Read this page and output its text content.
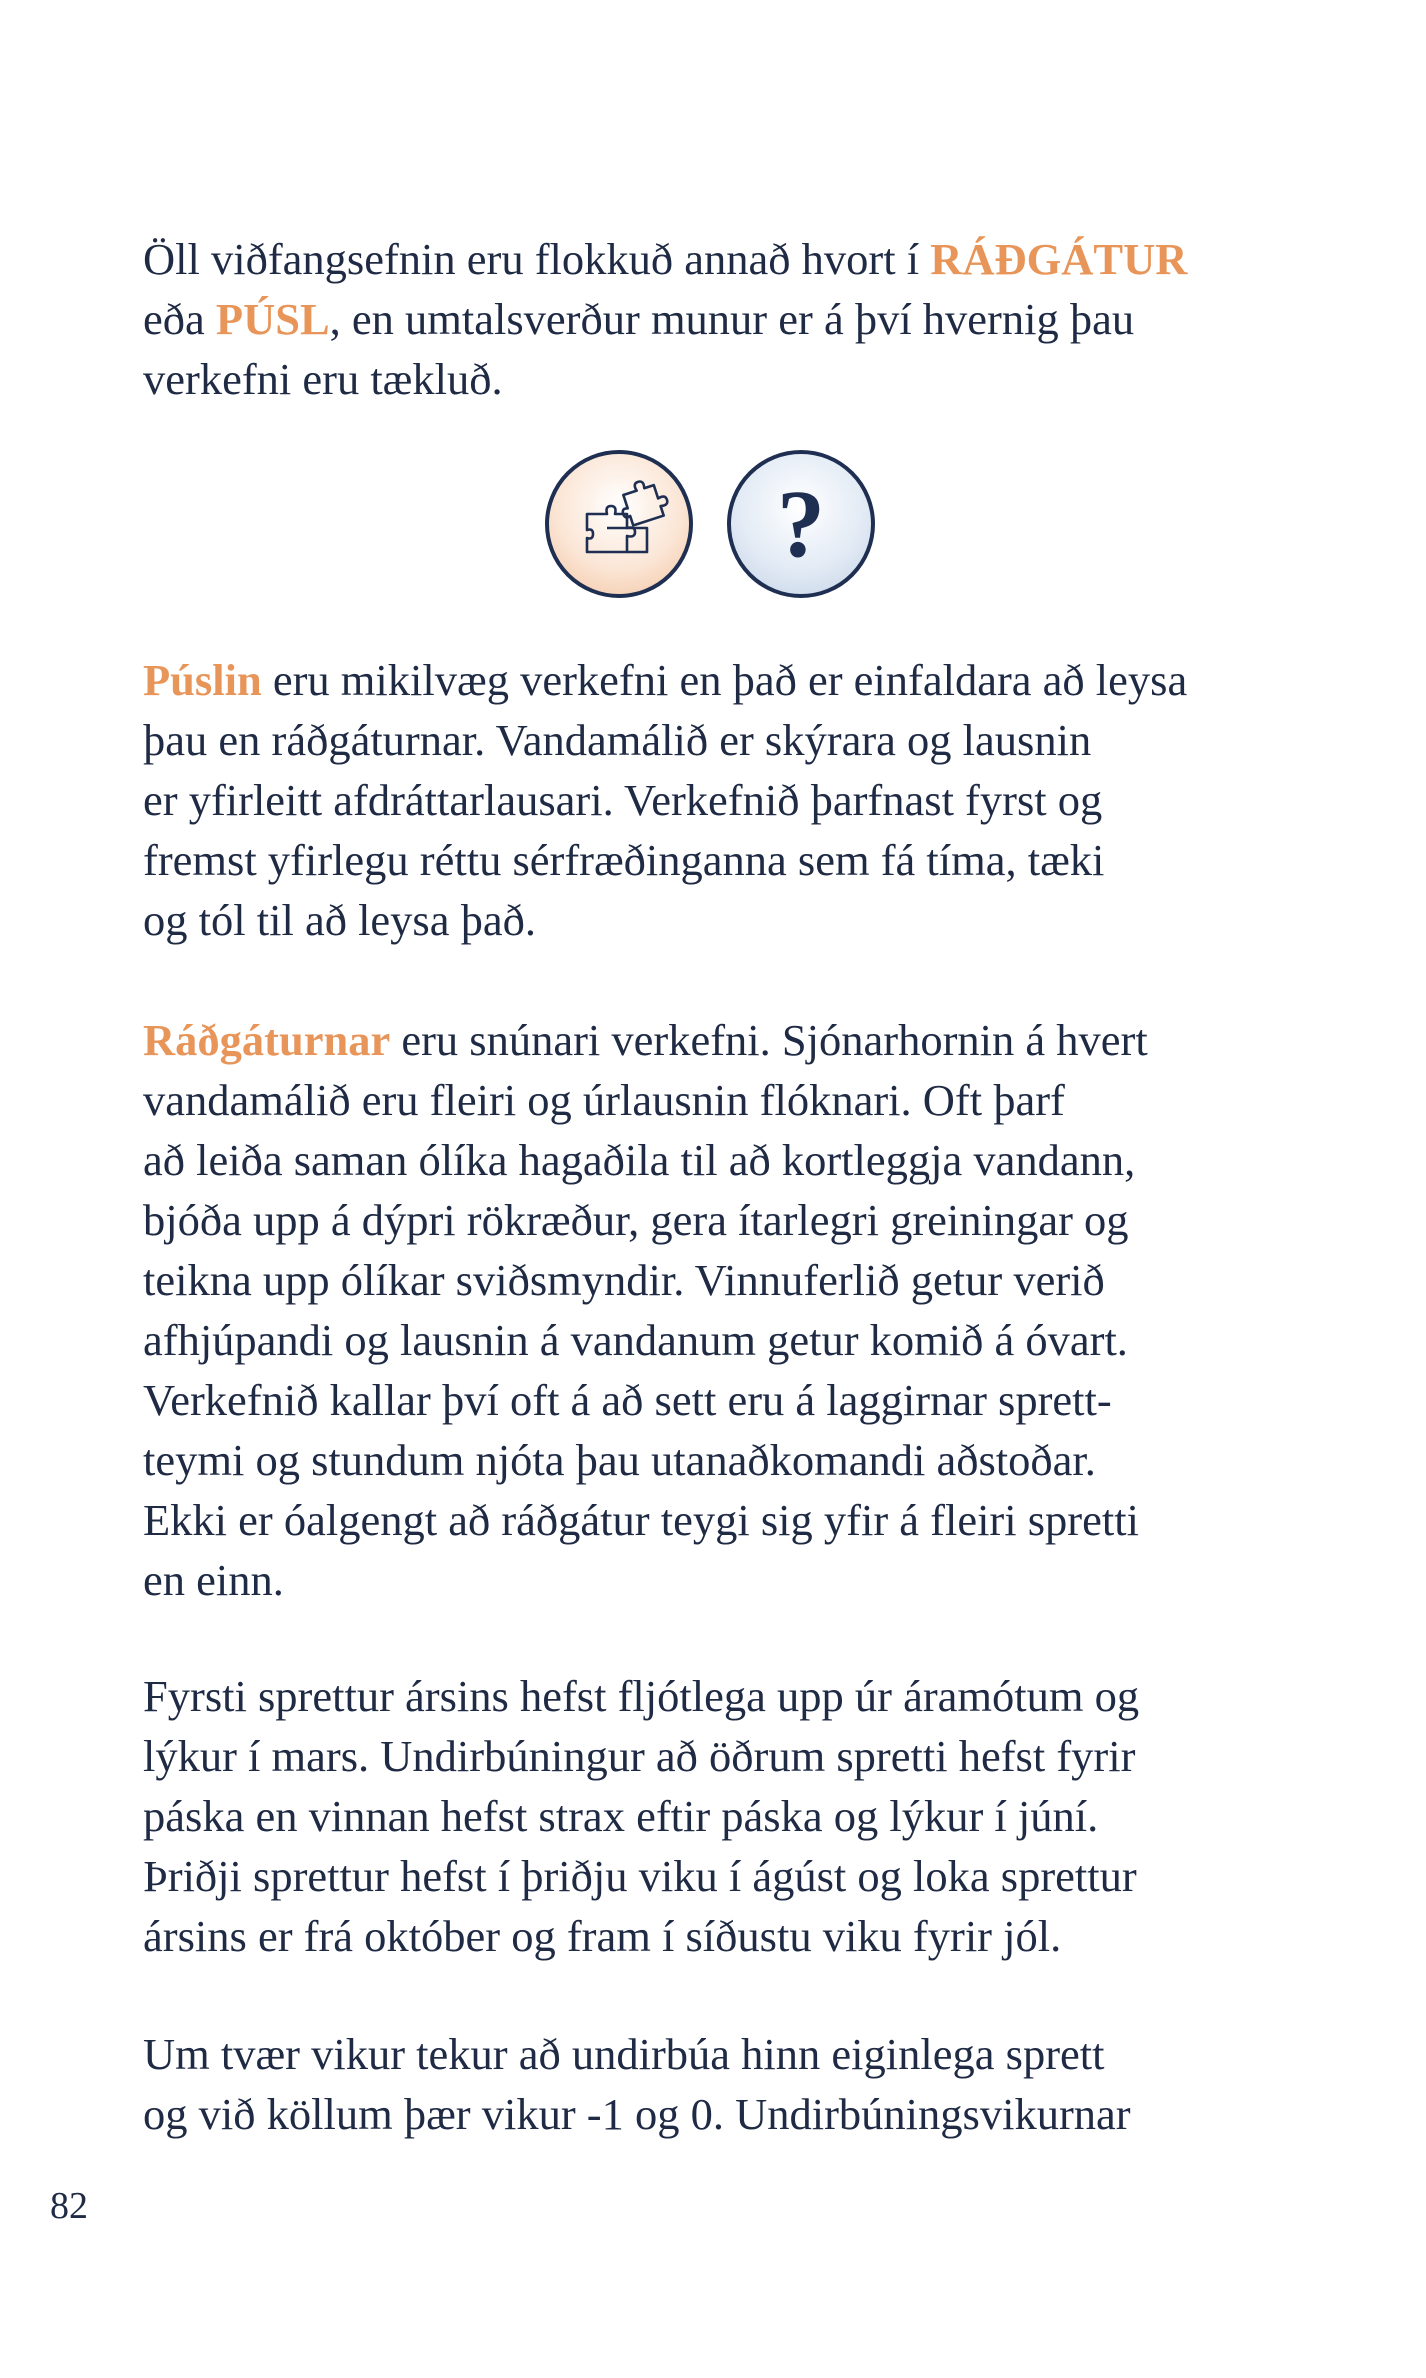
Öll viðfangsefnin eru flokkuð annað hvort í RÁÐGÁTUR
eða PÚSL, en umtalsverður munur er á því hvernig þau
verkefni eru tækluð.

?

Púslin eru mikilvæg verkefni en það er einfaldara að leysa
þau en ráðgáturnar. Vandamálið er skýrara og lausnin
er yfirleitt afdráttarlausari. Verkefnið þarfnast fyrst og
fremst yfirlegu réttu sérfræðinganna sem fá tíma, tæki
og tól til að leysa það.

Ráðgáturnar eru snúnari verkefni. Sjónarhornin á hvert
vandamálið eru fleiri og úrlausnin flóknari. Oft þarf
að leiða saman ólíka hagaðila til að kortleggja vandann,
bjóða upp á dýpri rökræður, gera ítarlegri greiningar og
teikna upp ólíkar sviðsmyndir. Vinnuferlið getur verið
afhjúpandi og lausnin á vandanum getur komið á óvart.
Verkefnið kallar því oft á að sett eru á laggirnar sprett-
teymi og stundum njóta þau utanaðkomandi aðstoðar.
Ekki er óalgengt að ráðgátur teygi sig yfir á fleiri spretti
en einn.

Fyrsti sprettur ársins hefst fljótlega upp úr áramótum og
lýkur í mars. Undirbúningur að öðrum spretti hefst fyrir
páska en vinnan hefst strax eftir páska og lýkur í júní.
Þriðji sprettur hefst í þriðju viku í ágúst og loka sprettur
ársins er frá október og fram í síðustu viku fyrir jól.

Um tvær vikur tekur að undirbúa hinn eiginlega sprett
og við köllum þær vikur -1 og 0. Undirbúningsvikurnar

82
